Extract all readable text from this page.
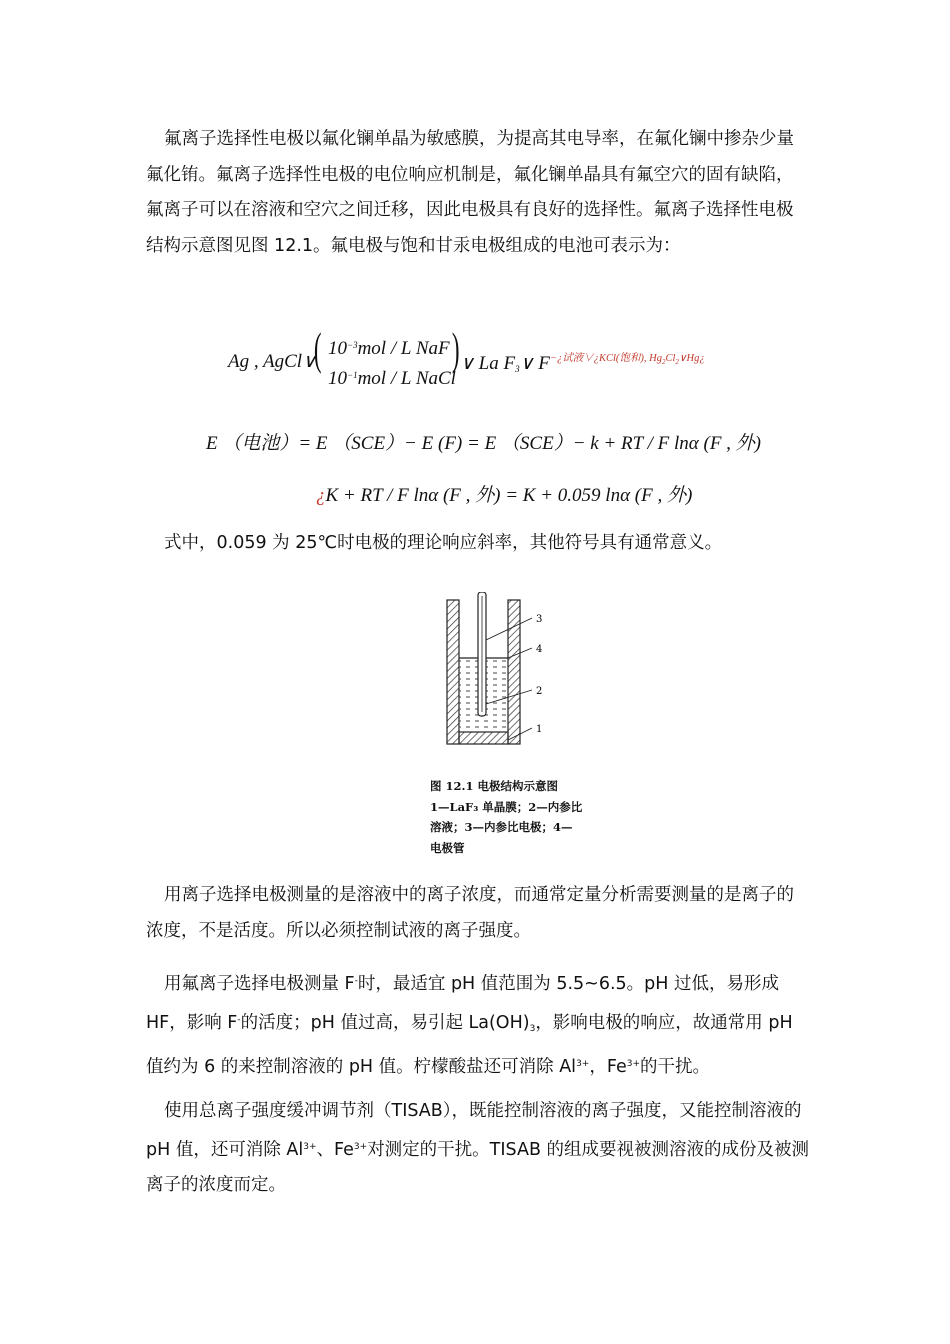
氟离子选择性电极以氟化镧单晶为敏感膜，为提高其电导率，在氟化镧中掺杂少量氟化铕。氟离子选择性电极的电位响应机制是，氟化镧单晶具有氟空穴的固有缺陷，氟离子可以在溶液和空穴之间迁移，因此电极具有良好的选择性。氟离子选择性电极结构示意图见图 12.1。氟电极与饱和甘汞电极组成的电池可表示为：

Ag , AgCl∨
( $10^{-3}mol$ / L NaF
$10^{-1}mol$ / L NaCl
) ∨ La $F_3\vee$ $F^{-¿试液\vee¿KCl(饱和), Hg_2Cl_2\vee Hg¿}$
E （电池）= E （SCE）− E (F) = E （SCE）− k + RT / F lnα (F , 外)
¿K + RT / F lnα (F , 外) = K + 0.059 lnα (F , 外)

式中，0.059 为 25℃时电极的理论响应斜率，其他符号具有通常意义。

3
4
2
1
图 12.1 电极结构示意图
1—LaF₃ 单晶膜；2—内参比
溶液；3—内参比电极；4—
电极管

用离子选择电极测量的是溶液中的离子浓度，而通常定量分析需要测量的是离子的浓度，不是活度。所以必须控制试液的离子强度。

用氟离子选择电极测量 F-时，最适宜 pH 值范围为 5.5~6.5。pH 过低，易形成 HF，影响 F-的活度；pH 值过高，易引起 $La(OH)_3$，影响电极的响应，故通常用 pH 值约为 6 的来控制溶液的 pH 值。柠檬酸盐还可消除 $Al^{3+}$，$Fe^{3+}$的干扰。

使用总离子强度缓冲调节剂（TISAB），既能控制溶液的离子强度，又能控制溶液的 pH 值，还可消除 $Al^{3+}$、$Fe^{3+}$对测定的干扰。TISAB 的组成要视被测溶液的成份及被测离子的浓度而定。
